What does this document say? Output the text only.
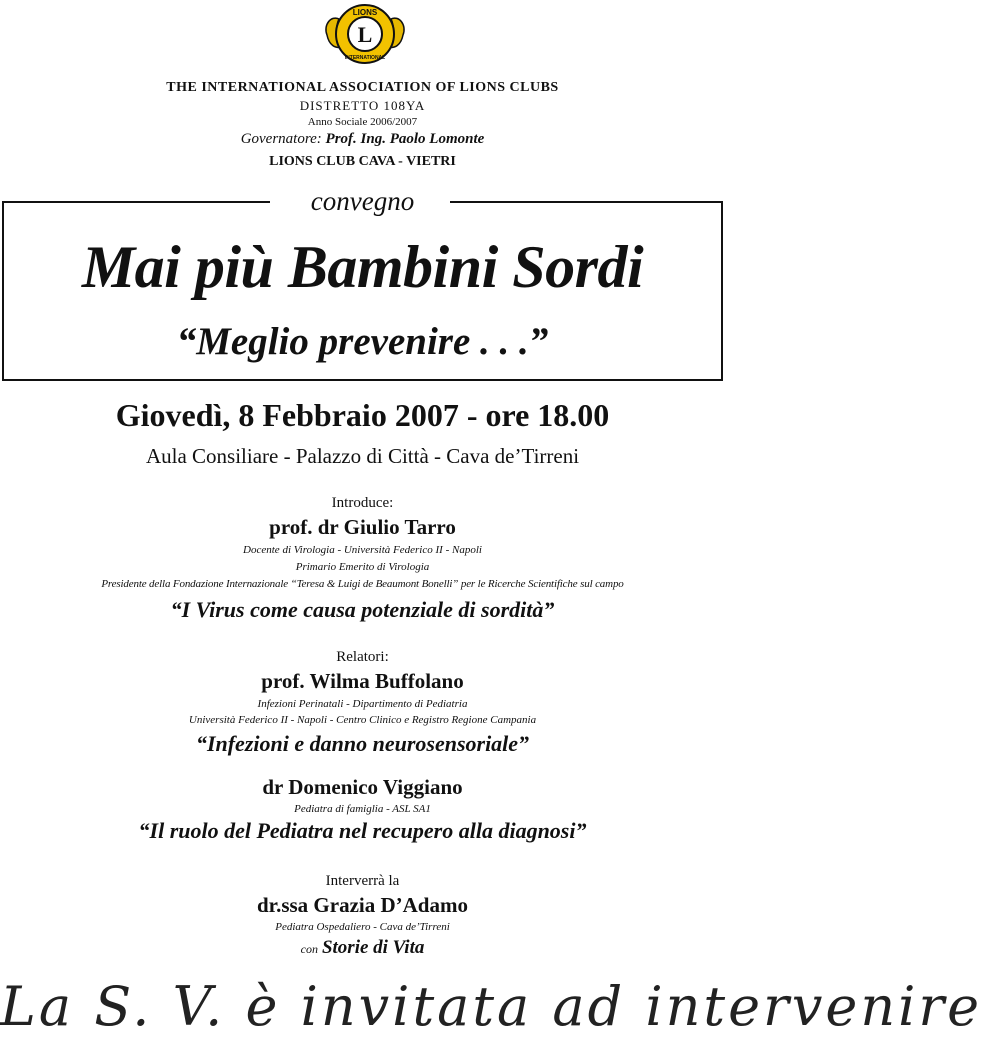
LIONS
L
INTERNATIONAL
THE INTERNATIONAL ASSOCIATION OF LIONS CLUBS
DISTRETTO 108YA
Anno Sociale 2006/2007
Governatore: Prof. Ing. Paolo Lomonte
LIONS CLUB CAVA - VIETRI
convegno
Mai più Bambini Sordi
“Meglio prevenire . . .”
Giovedì, 8 Febbraio 2007 - ore 18.00
Aula Consiliare - Palazzo di Città - Cava de’Tirreni
Introduce:
prof. dr Giulio Tarro
Docente di Virologia - Università Federico II - Napoli
Primario Emerito di Virologia
Presidente della Fondazione Internazionale “Teresa & Luigi de Beaumont Bonelli” per le Ricerche Scientifiche sul campo
“I Virus come causa potenziale di sordità”
Relatori:
prof. Wilma Buffolano
Infezioni Perinatali - Dipartimento di Pediatria
Università Federico II - Napoli - Centro Clinico e Registro Regione Campania
“Infezioni e danno neurosensoriale”
dr Domenico Viggiano
Pediatra di famiglia - ASL SA1
“Il ruolo del Pediatra nel recupero alla diagnosi”
Interverrà la
dr.ssa Grazia D’Adamo
Pediatra Ospedaliero - Cava de’Tirreni
con Storie di Vita
La S. V. è invitata ad intervenire
